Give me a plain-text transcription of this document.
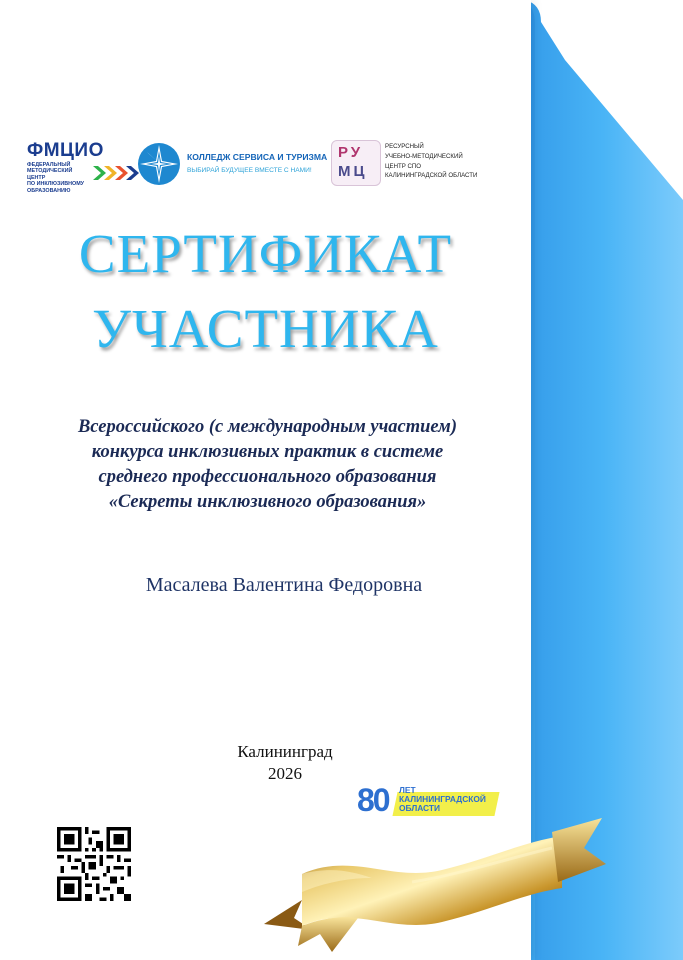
ФМЦИО
ФЕДЕРАЛЬНЫЙ
МЕТОДИЧЕСКИЙ ЦЕНТР
ПО ИНКЛЮЗИВНОМУ
ОБРАЗОВАНИЮ
КОЛЛЕДЖ СЕРВИСА И ТУРИЗМА
ВЫБИРАЙ БУДУЩЕЕ ВМЕСТЕ С НАМИ!
РУ
МЦ
РЕСУРСНЫЙ
УЧЕБНО-МЕТОДИЧЕСКИЙ
ЦЕНТР СПО
КАЛИНИНГРАДСКОЙ ОБЛАСТИ
СЕРТИФИКАТ
УЧАСТНИКА
Всероссийского (с международным участием)
конкурса инклюзивных практик в системе
среднего профессионального образования
«Секреты инклюзивного образования»
Масалева Валентина Федоровна
Калининград
2026
80 ЛЕТ
КАЛИНИНГРАДСКОЙ
ОБЛАСТИ
